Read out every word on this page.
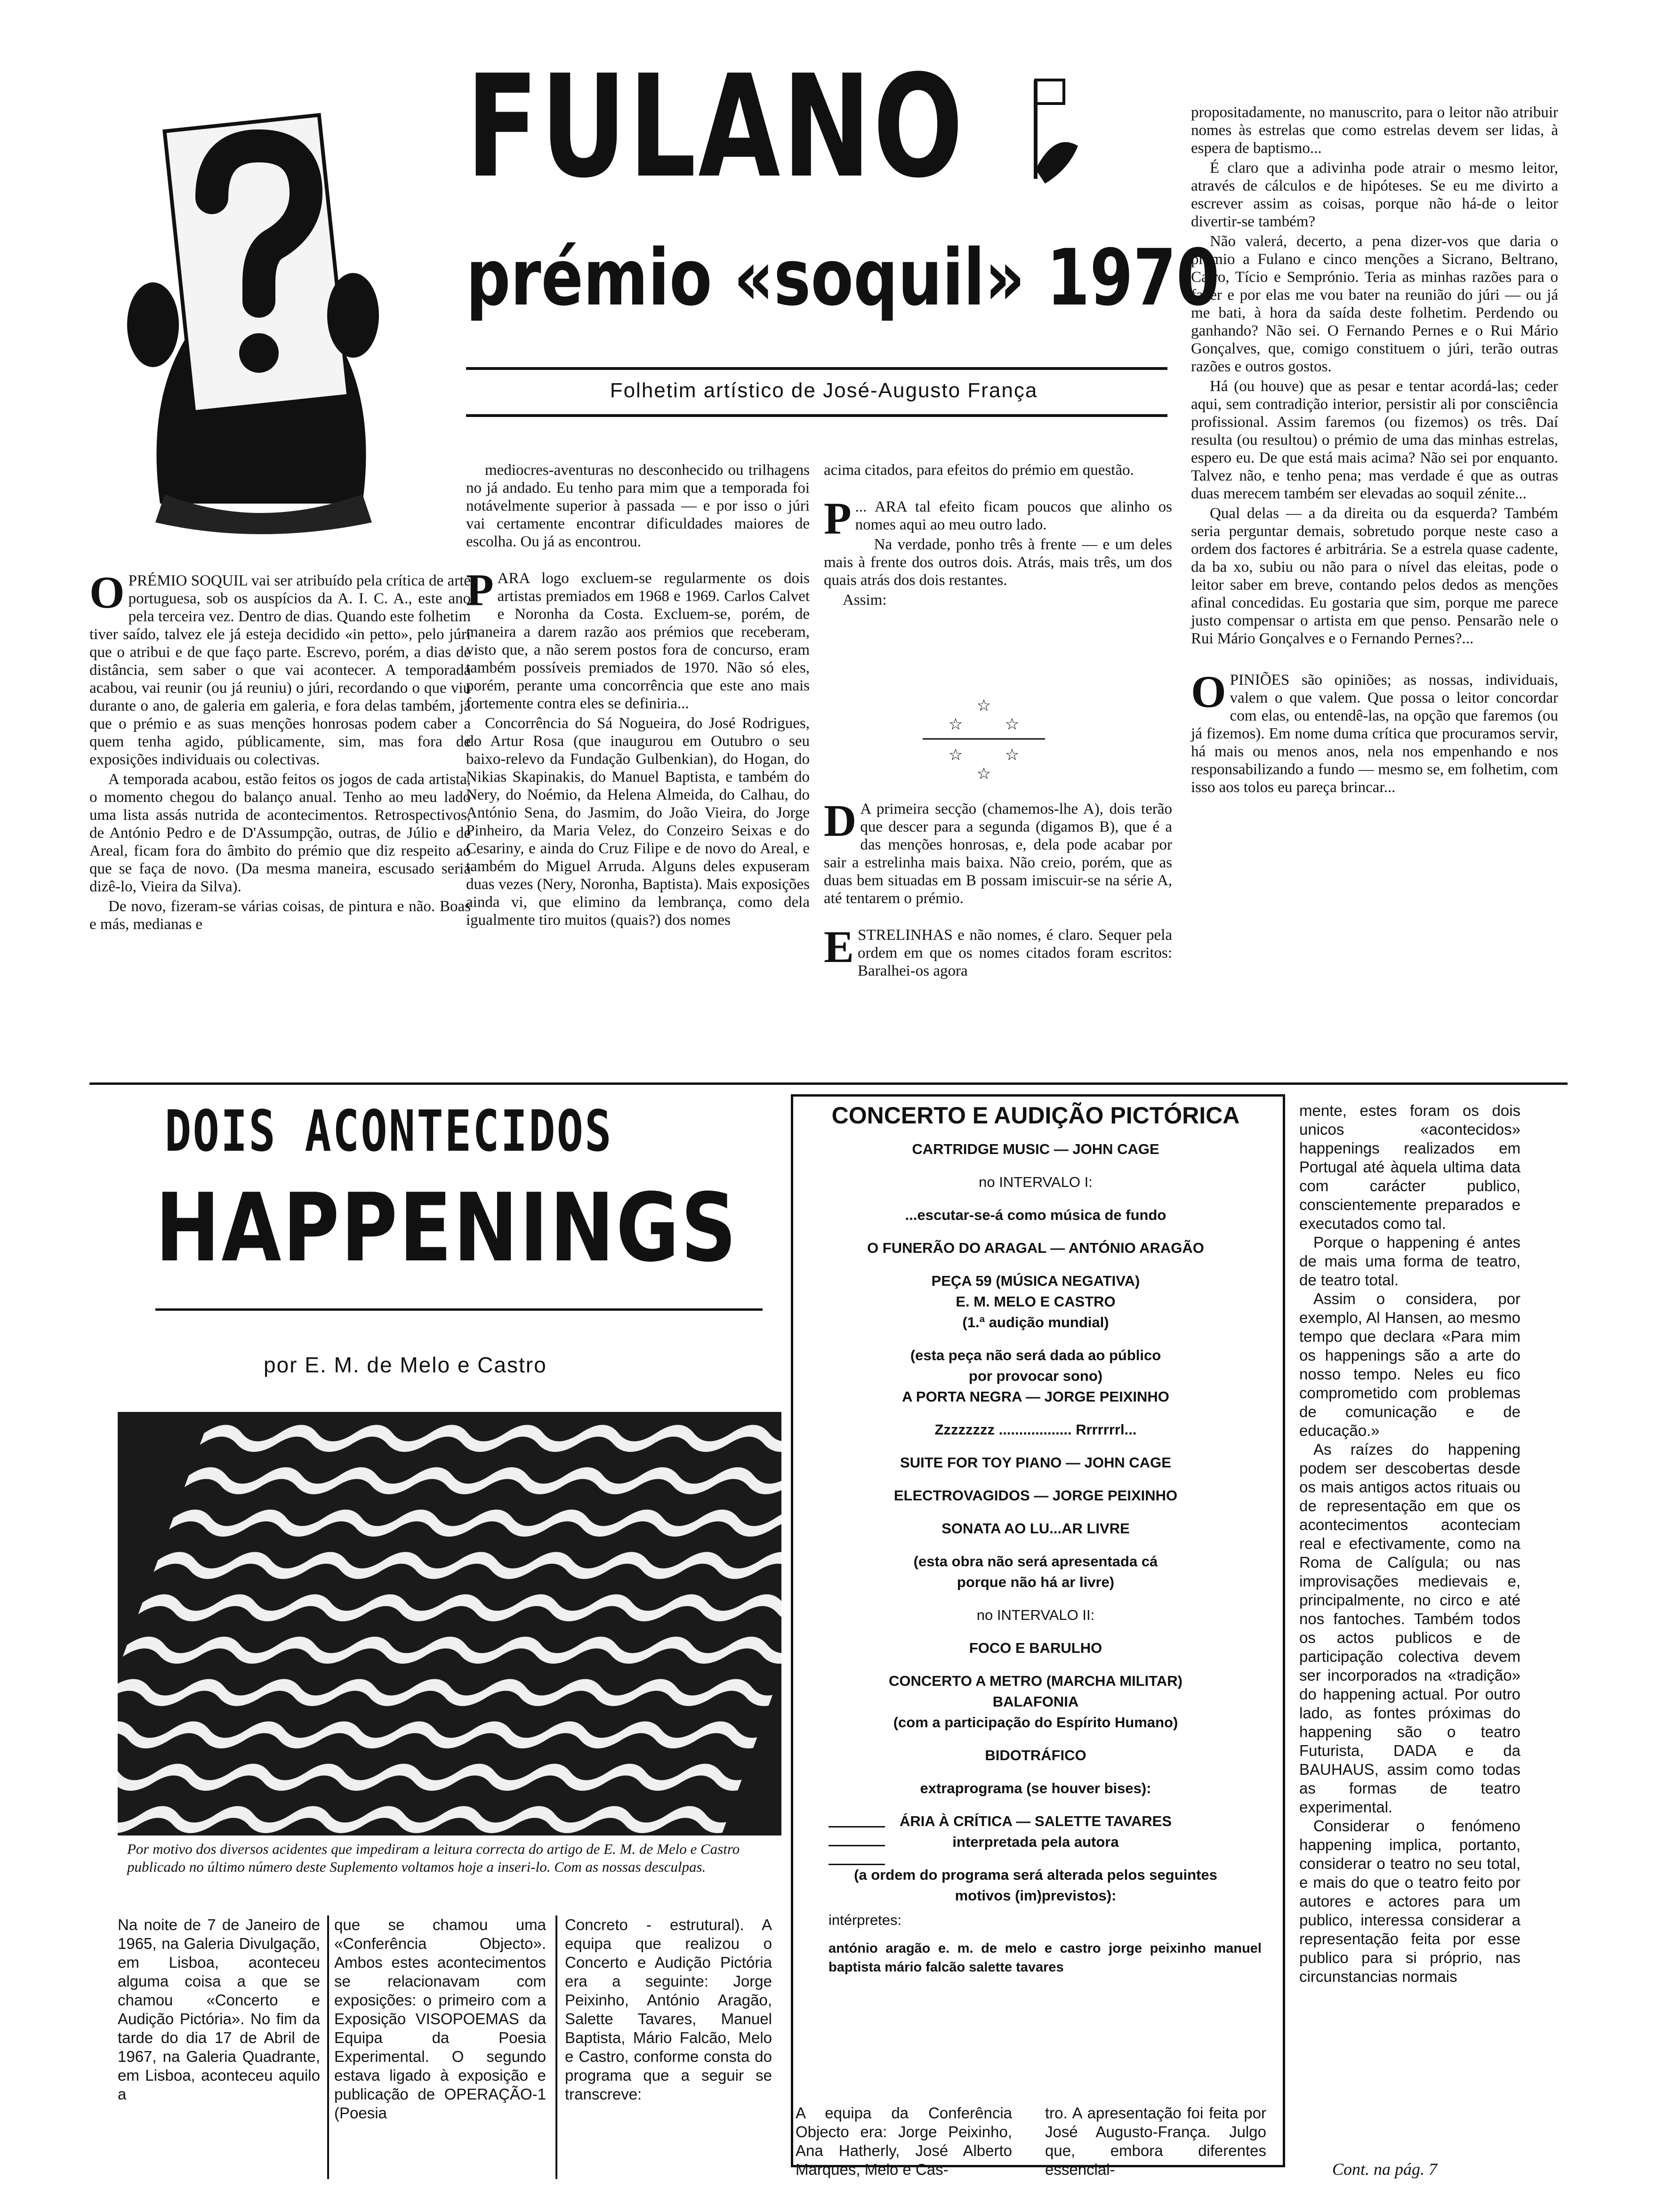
FULANO
prémio «soquil» 1970
Folhetim artístico de José-Augusto França

OPRÉMIO SOQUIL vai ser atribuído pela crítica de arte portuguesa, sob os auspícios da A. I. C. A., este ano pela terceira vez. Dentro de dias. Quando este folhetim tiver saído, talvez ele já esteja decidido «in petto», pelo júri que o atribui e de que faço parte. Escrevo, porém, a dias de distância, sem saber o que vai acontecer. A temporada acabou, vai reunir (ou já reuniu) o júri, recordando o que viu durante o ano, de galeria em galeria, e fora delas também, já que o prémio e as suas menções honrosas podem caber a quem tenha agido, públicamente, sim, mas fora de exposições individuais ou colectivas.

A temporada acabou, estão feitos os jogos de cada artista, o momento chegou do balanço anual. Tenho ao meu lado uma lista assás nutrida de acontecimentos. Retrospectivos, de António Pedro e de D'Assumpção, outras, de Júlio e de Areal, ficam fora do âmbito do prémio que diz respeito ao que se faça de novo. (Da mesma maneira, escusado seria dizê-lo, Vieira da Silva).

De novo, fizeram-se várias coisas, de pintura e não. Boas e más, medianas e

mediocres-aventuras no desconhecido ou trilhagens no já andado. Eu tenho para mim que a temporada foi notávelmente superior à passada — e por isso o júri vai certamente encontrar dificuldades maiores de escolha. Ou já as encontrou.

PARA logo excluem-se regularmente os dois artistas premiados em 1968 e 1969. Carlos Calvet e Noronha da Costa. Excluem-se, porém, de maneira a darem razão aos prémios que receberam, visto que, a não serem postos fora de concurso, eram também possíveis premiados de 1970. Não só eles, porém, perante uma concorrência que este ano mais fortemente contra eles se definiria...

Concorrência do Sá Nogueira, do José Rodrigues, do Artur Rosa (que inaugurou em Outubro o seu baixo-relevo da Fundação Gulbenkian), do Hogan, do Nikias Skapinakis, do Manuel Baptista, e também do Nery, do Noémio, da Helena Almeida, do Calhau, do António Sena, do Jasmim, do João Vieira, do Jorge Pinheiro, da Maria Velez, do Conzeiro Seixas e do Cesariny, e ainda do Cruz Filipe e de novo do Areal, e também do Miguel Arruda. Alguns deles expuseram duas vezes (Nery, Noronha, Baptista). Mais exposições ainda vi, que elimino da lembrança, como dela igualmente tiro muitos (quais?) dos nomes

acima citados, para efeitos do prémio em questão.

P ... ARA tal efeito ficam poucos que alinho os nomes aqui ao meu outro lado.

Na verdade, ponho três à frente — e um deles mais à frente dos outros dois. Atrás, mais três, um dos quais atrás dos dois restantes.

Assim:

☆
☆	☆
☆	☆
☆

D A primeira secção (chamemos-lhe A), dois terão que descer para a segunda (digamos B), que é a das menções honrosas, e, dela pode acabar por sair a estrelinha mais baixa. Não creio, porém, que as duas bem situadas em B possam imiscuir-se na série A, até tentarem o prémio.

ESTRELINHAS e não nomes, é claro. Sequer pela ordem em que os nomes citados foram escritos: Baralhei-os agora

propositadamente, no manuscrito, para o leitor não atribuir nomes às estrelas que como estrelas devem ser lidas, à espera de baptismo...

É claro que a adivinha pode atrair o mesmo leitor, através de cálculos e de hipóteses. Se eu me divirto a escrever assim as coisas, porque não há-de o leitor divertir-se também?

Não valerá, decerto, a pena dizer-vos que daria o prémio a Fulano e cinco menções a Sicrano, Beltrano, Cairo, Tício e Semprónio. Teria as minhas razões para o fazer e por elas me vou bater na reunião do júri — ou já me bati, à hora da saída deste folhetim. Perdendo ou ganhando? Não sei. O Fernando Pernes e o Rui Mário Gonçalves, que, comigo constituem o júri, terão outras razões e outros gostos.

Há (ou houve) que as pesar e tentar acordá-las; ceder aqui, sem contradição interior, persistir ali por consciência profissional. Assim faremos (ou fizemos) os três. Daí resulta (ou resultou) o prémio de uma das minhas estrelas, espero eu. De que está mais acima? Não sei por enquanto. Talvez não, e tenho pena; mas verdade é que as outras duas merecem também ser elevadas ao soquil zénite...

Qual delas — a da direita ou da esquerda? Também seria perguntar demais, sobretudo porque neste caso a ordem dos factores é arbitrária. Se a estrela quase cadente, da ba xo, subiu ou não para o nível das eleitas, pode o leitor saber em breve, contando pelos dedos as menções afinal concedidas. Eu gostaria que sim, porque me parece justo compensar o artista em que penso. Pensarão nele o Rui Mário Gonçalves e o Fernando Pernes?...

OPINIÕES são opiniões; as nossas, individuais, valem o que valem. Que possa o leitor concordar com elas, ou entendê-las, na opção que faremos (ou já fizemos). Em nome duma crítica que procuramos servir, há mais ou menos anos, nela nos empenhando e nos responsabilizando a fundo — mesmo se, em folhetim, com isso aos tolos eu pareça brincar...

DOIS ACONTECIDOS
HAPPENINGS
por E. M. de Melo e Castro
Por motivo dos diversos acidentes que impediram a leitura correcta do artigo de E. M. de Melo e Castro publicado no último número deste Suplemento voltamos hoje a inseri-lo. Com as nossas desculpas.
Na noite de 7 de Janeiro de 1965, na Galeria Divulgação, em Lisboa, aconteceu alguma coisa a que se chamou «Concerto e Audição Pictória». No fim da tarde do dia 17 de Abril de 1967, na Galeria Quadrante, em Lisboa, aconteceu aquilo a
que se chamou uma «Conferência Objecto». Ambos estes acontecimentos se relacionavam com exposições: o primeiro com a Exposição VISOPOEMAS da Equipa da Poesia Experimental. O segundo estava ligado à exposição e publicação de OPERAÇÃO-1 (Poesia
Concreto - estrutural). A equipa que realizou o Concerto e Audição Pictória era a seguinte: Jorge Peixinho, António Aragão, Salette Tavares, Manuel Baptista, Mário Falcão, Melo e Castro, conforme consta do programa que a seguir se transcreve:
CONCERTO E AUDIÇÃO PICTÓRICA

CARTRIDGE MUSIC — JOHN CAGE

no INTERVALO I:

...escutar-se-á como música de fundo

O FUNERÃO DO ARAGAL — ANTÓNIO ARAGÃO

PEÇA 59 (MÚSICA NEGATIVA)

E. M. MELO E CASTRO

(1.ª audição mundial)

(esta peça não será dada ao público

por provocar sono)

A PORTA NEGRA — JORGE PEIXINHO

Zzzzzzzz .................. Rrrrrrrl...

SUITE FOR TOY PIANO — JOHN CAGE

ELECTROVAGIDOS — JORGE PEIXINHO

SONATA AO LU...AR LIVRE

(esta obra não será apresentada cá

porque não há ar livre)

no INTERVALO II:

FOCO E BARULHO

CONCERTO A METRO (MARCHA MILITAR)

BALAFONIA

(com a participação do Espírito Humano)

BIDOTRÁFICO

extraprograma (se houver bises):

ÁRIA À CRÍTICA — SALETTE TAVARES

interpretada pela autora

(a ordem do programa será alterada pelos seguintes

motivos (im)previstos):

intérpretes:
antónio aragão e. m. de melo e castro jorge peixinho manuel baptista mário falcão salette tavares
A equipa da Conferência Objecto era: Jorge Peixinho, Ana Hatherly, José Alberto Marques, Melo e Cas-
tro. A apresentação foi feita por José Augusto-França. Julgo que, embora diferentes essencial-

mente, estes foram os dois unicos «acontecidos» happenings realizados em Portugal até àquela ultima data com carácter publico, conscientemente preparados e executados como tal.

Porque o happening é antes de mais uma forma de teatro, de teatro total.

Assim o considera, por exemplo, Al Hansen, ao mesmo tempo que declara «Para mim os happenings são a arte do nosso tempo. Neles eu fico comprometido com problemas de comunicação e de educação.»

As raízes do happening podem ser descobertas desde os mais antigos actos rituais ou de representação em que os acontecimentos aconteciam real e efectivamente, como na Roma de Calígula; ou nas improvisações medievais e, principalmente, no circo e até nos fantoches. Também todos os actos publicos e de participação colectiva devem ser incorporados na «tradição» do happening actual. Por outro lado, as fontes próximas do happening são o teatro Futurista, DADA e da BAUHAUS, assim como todas as formas de teatro experimental.

Considerar o fenómeno happening implica, portanto, considerar o teatro no seu total, e mais do que o teatro feito por autores e actores para um publico, interessa considerar a representação feita por esse publico para si próprio, nas circunstancias normais

Cont. na pág. 7
